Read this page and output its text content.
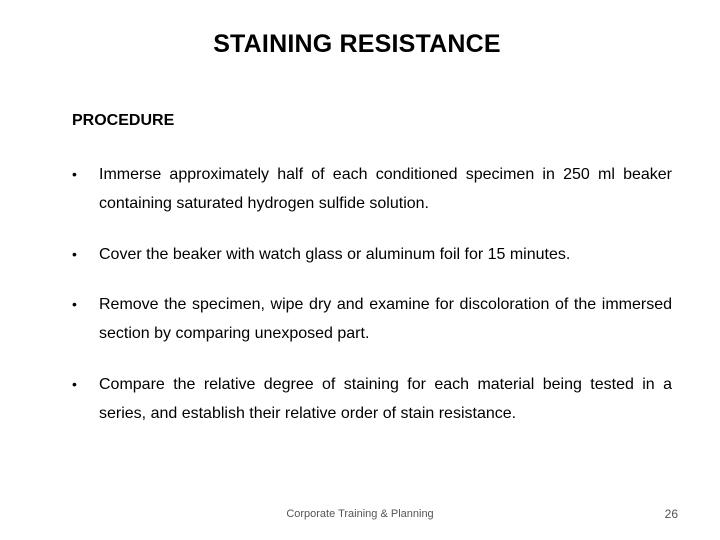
STAINING RESISTANCE
PROCEDURE
• Immerse approximately half of each conditioned specimen in 250 ml beaker containing saturated hydrogen sulfide solution.
• Cover the beaker with watch glass or aluminum foil for 15 minutes.
• Remove the specimen, wipe dry and examine for discoloration of the immersed section by comparing unexposed part.
• Compare the relative degree of staining for each material being tested in a series, and establish their relative order of stain resistance.
Corporate Training & Planning	26
